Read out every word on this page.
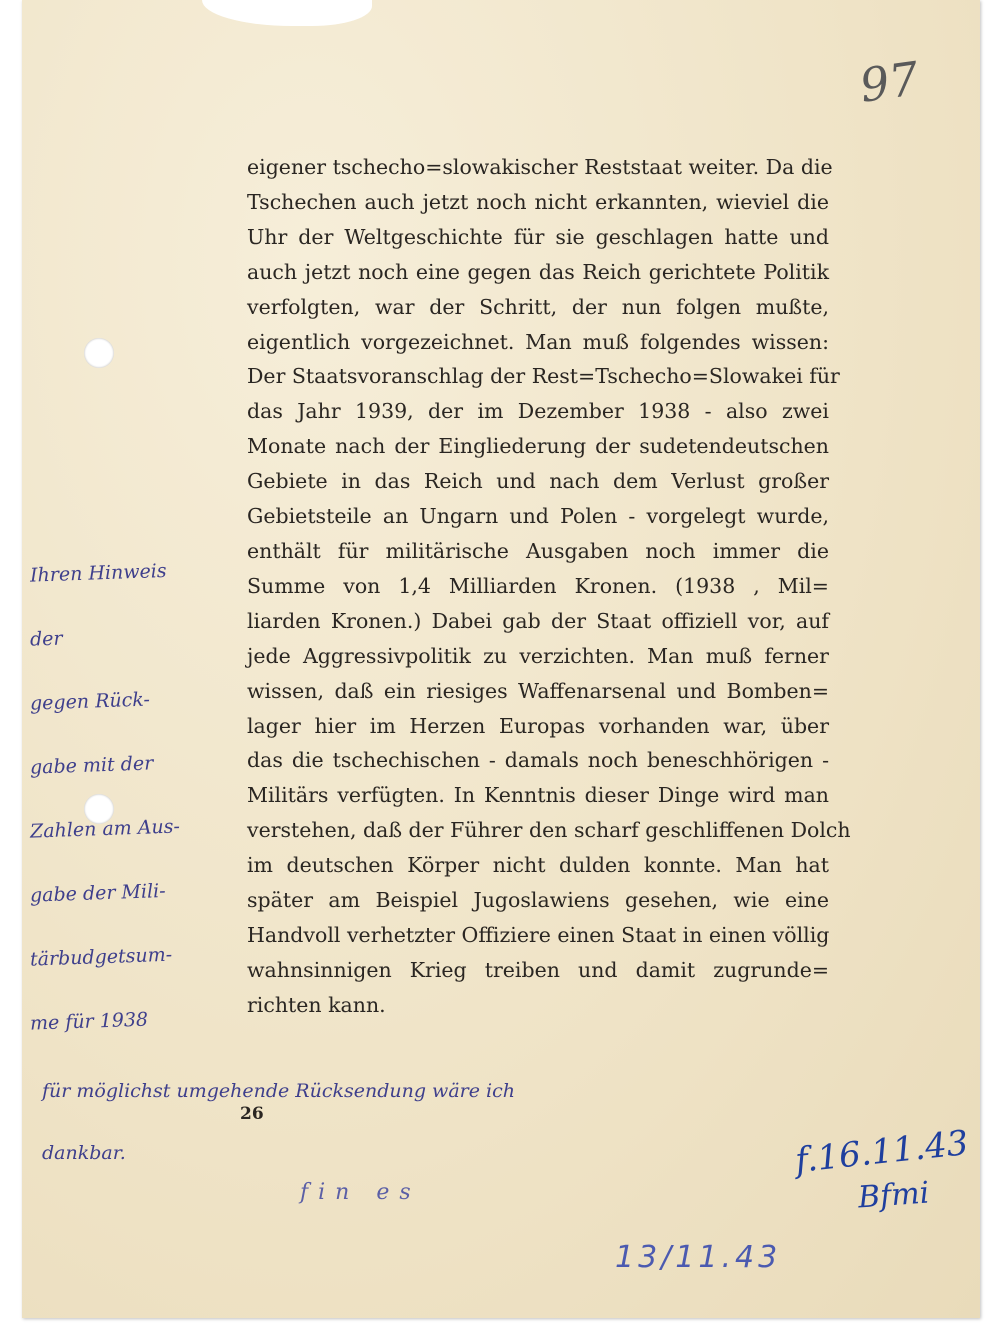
97
eigener tschecho=slowakischer Reststaat weiter. Da die
Tschechen auch jetzt noch nicht erkannten, wieviel die
Uhr der Weltgeschichte für sie geschlagen hatte und
auch jetzt noch eine gegen das Reich gerichtete Politik
verfolgten, war der Schritt, der nun folgen mußte,
eigentlich vorgezeichnet. Man muß folgendes wissen:
Der Staatsvoranschlag der Rest=Tschecho=Slowakei für
das Jahr 1939, der im Dezember 1938 - also zwei
Monate nach der Eingliederung der sudetendeutschen
Gebiete in das Reich und nach dem Verlust großer
Gebietsteile an Ungarn und Polen - vorgelegt wurde,
enthält für militärische Ausgaben noch immer die
Summe von 1,4 Milliarden Kronen. (1938 , Mil=
liarden Kronen.) Dabei gab der Staat offiziell vor, auf
jede Aggressivpolitik zu verzichten. Man muß ferner
wissen, daß ein riesiges Waffenarsenal und Bomben=
lager hier im Herzen Europas vorhanden war, über
das die tschechischen - damals noch beneschhörigen -
Militärs verfügten. In Kenntnis dieser Dinge wird man
verstehen, daß der Führer den scharf geschliffenen Dolch
im deutschen Körper nicht dulden konnte. Man hat
später am Beispiel Jugoslawiens gesehen, wie eine
Handvoll verhetzter Offiziere einen Staat in einen völlig
wahnsinnigen Krieg treiben und damit zugrunde=
richten kann.
Ihren Hinweis
der
gegen Rück-
gabe mit der
Zahlen am Aus-
gabe der Mili-
tärbudgetsum-
me für 1938
26
für möglichst umgehende Rücksendung wäre ich
dankbar.
fin es
13/11.43
f.16.11.43
Bfmi
